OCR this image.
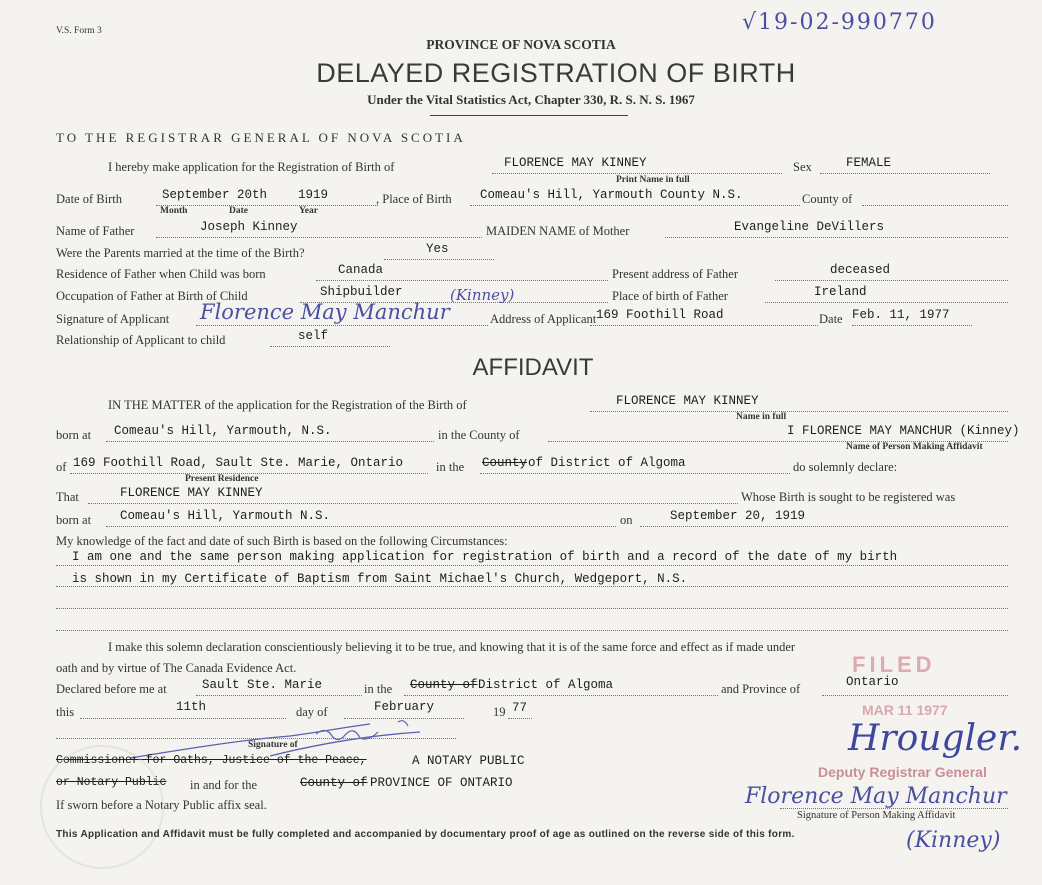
V.S. Form 3	√19-02-990770
PROVINCE OF NOVA SCOTIA
DELAYED REGISTRATION OF BIRTH
Under the Vital Statistics Act, Chapter 330, R. S. N. S. 1967
TO THE REGISTRAR GENERAL OF NOVA SCOTIA
I hereby make application for the Registration of Birth of	FLORENCE MAY KINNEY
Print Name in full
Sex	FEMALE
Date of Birth	September 20th 1919
Month	Date	Year
, Place of Birth Comeau's Hill, Yarmouth County N.S.	County of
Name of Father	Joseph Kinney	MAIDEN NAME of Mother	Evangeline DeVillers
Were the Parents married at the time of the Birth?	Yes
Residence of Father when Child was born	Canada	Present address of Father	deceased
Occupation of Father at Birth of Child	Shipbuilder	Place of birth of Father	Ireland
Signature of Applicant Florence May Manchur
(Kinney)
Address of Applicant 169 Foothill Road	Date Feb. 11, 1977
Relationship of Applicant to child	self
AFFIDAVIT
IN THE MATTER of the application for the Registration of the Birth of	FLORENCE MAY KINNEY
Name in full
born at Comeau's Hill, Yarmouth, N.S.	in the County of	I FLORENCE MAY MANCHUR (Kinney)
Name of Person Making Affidavit
of 169 Foothill Road, Sault Ste. Marie, Ontario	in the County of District of Algoma	do solemnly declare:
Present Residence
That	FLORENCE MAY KINNEY	Whose Birth is sought to be registered was
born at Comeau's Hill, Yarmouth N.S.	on	September 20, 1919
My knowledge of the fact and date of such Birth is based on the following Circumstances:
I am one and the same person making application for registration of birth and a record of the date of my birth
is shown in my Certificate of Baptism from Saint Michael's Church, Wedgeport, N.S.
I make this solemn declaration conscientiously believing it to be true, and knowing that it is of the same force and effect as if made under
oath and by virtue of The Canada Evidence Act.
Declared before me at	Sault Ste. Marie	in the County of District of Algoma	and Province of	Ontario
this	11th	day of	February	19 77
Signature of
Commissioner for Oaths, Justice of the Peace,	A NOTARY PUBLIC
or Notary Public in and for the	County of PROVINCE OF ONTARIO
If sworn before a Notary Public affix seal.
FILED
MAR 11 1977
Deputy Registrar General
Hrougler.
Florence May Manchur
(Kinney)
Signature of Person Making Affidavit
This Application and Affidavit must be fully completed and accompanied by documentary proof of age as outlined on the reverse side of this form.
